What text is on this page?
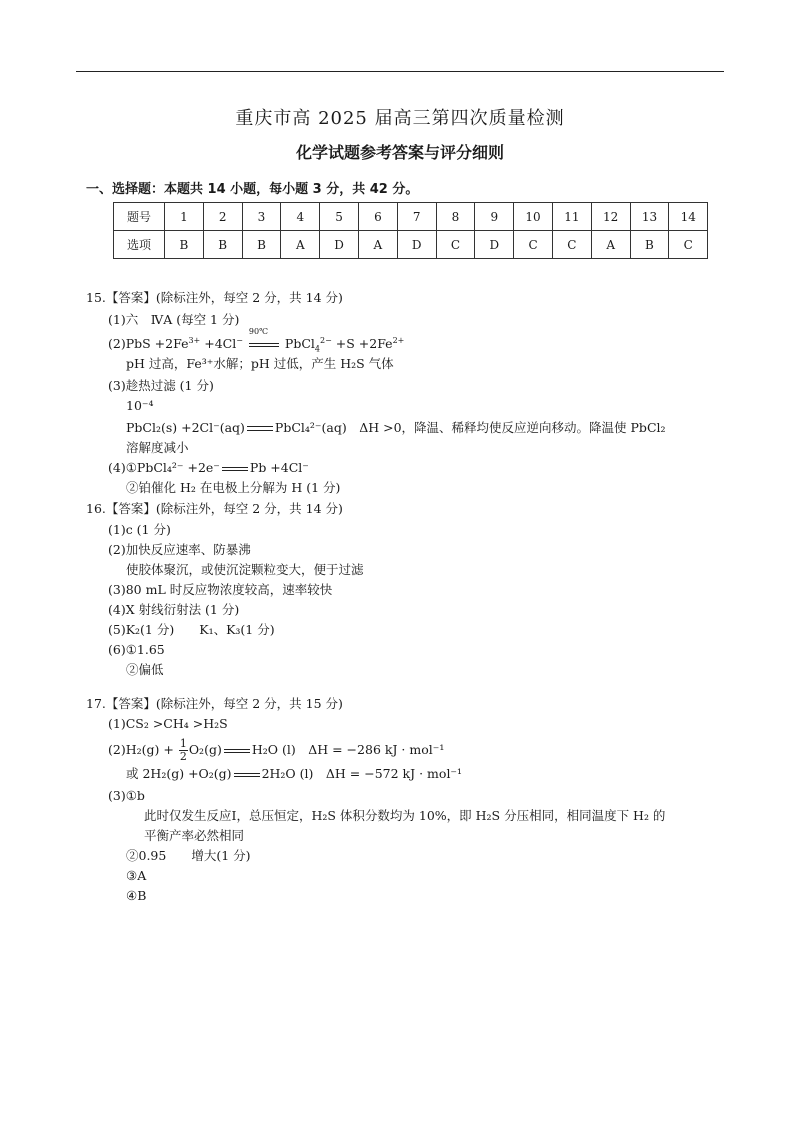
重庆市高 2025 届高三第四次质量检测
化学试题参考答案与评分细则
一、选择题：本题共 14 小题，每小题 3 分，共 42 分。
题号	1	2	3	4	5	6	7	8	9	10	11	12	13	14
选项	B	B	B	A	D	A	D	C	D	C	C	A	B	C
15.【答案】(除标注外，每空 2 分，共 14 分)
(1)六　ⅣA (每空 1 分)
$(2)PbS +2Fe^{3+} +4Cl^-$
90℃
PbCl$_4^{2-}$ $+S +2Fe^{2+}$
pH 过高，Fe³⁺水解；pH 过低，产生 H₂S 气体
(3)趁热过滤 (1 分)
10⁻⁴
PbCl₂(s) +2Cl⁻(aq) PbCl₄²⁻(aq)　ΔH >0，降温、稀释均使反应逆向移动。降温使 PbCl₂
溶解度减小
(4)①PbCl₄²⁻ +2e⁻ Pb +4Cl⁻
②铂催化 H₂ 在电极上分解为 H (1 分)
16.【答案】(除标注外，每空 2 分，共 14 分)
(1)c (1 分)
(2)加快反应速率、防暴沸
使胶体聚沉，或使沉淀颗粒变大，便于过滤
(3)80 mL 时反应物浓度较高，速率较快
(4)X 射线衍射法 (1 分)
(5)K₂(1 分)　　K₁、K₃(1 分)
(6)①1.65
②偏低
17.【答案】(除标注外，每空 2 分，共 15 分)
(1)CS₂ >CH₄ >H₂S
$(2)H_2(g) + \frac{1}{2} O_2(g)$ H₂O (l)　ΔH = −286 kJ · mol⁻¹
或 2H₂(g) +O₂(g) 2H₂O (l)　ΔH = −572 kJ · mol⁻¹
(3)①b
此时仅发生反应Ⅰ，总压恒定，H₂S 体积分数均为 10%，即 H₂S 分压相同，相同温度下 H₂ 的
平衡产率必然相同
②0.95　　增大(1 分)
③A
④B
